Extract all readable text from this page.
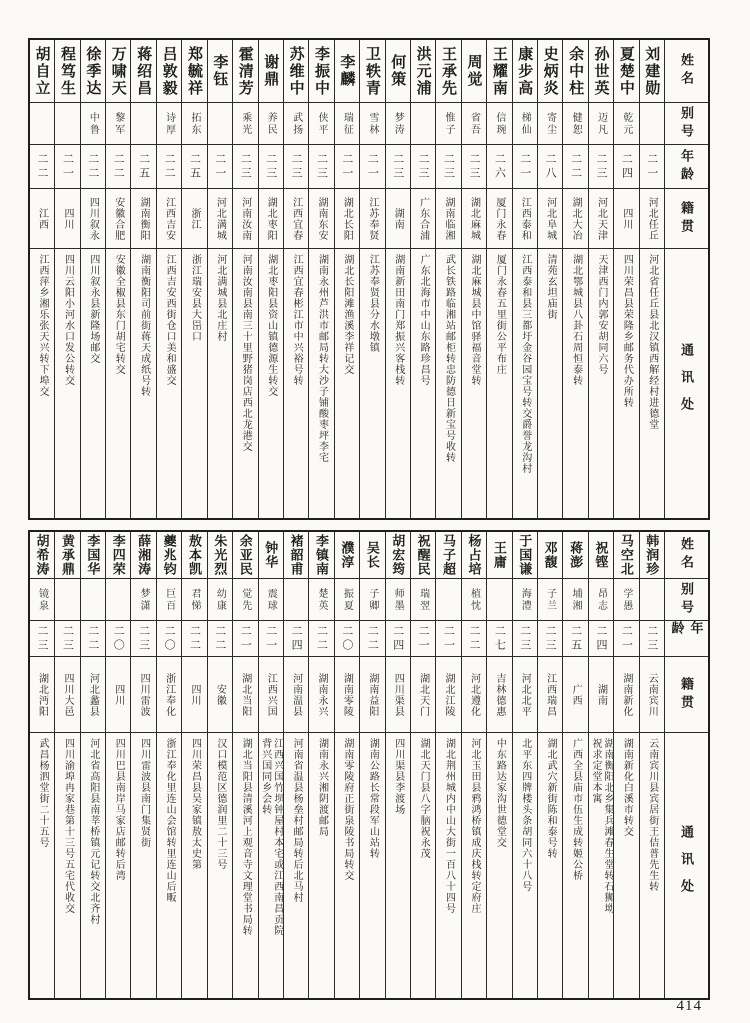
姓名
别号
年龄
籍贯
通讯处
刘建勋
二一
河北任丘
河北省任丘县北汉镇西解经村进德堂
夏楚中
乾元
二四
四川
四川荣昌县荣隆乡邮务代办所转
孙世英
迈凡
二三
河北天津
天津西门内郭安胡同六号
余中柱
健恕
二二
湖北大冶
湖北鄂城县八卦石周恒泰转
史炳炎
寄尘
二八
河北阜城
清苑玄坦庙街
康步高
梯仙
二一
江西泰和
江西泰和县三都圩金谷园宝号转交爵誉龙沟村
王耀南
信琬
二六
厦门永春
厦门永春五里街公平布庄
周觉
省吾
二三
湖北麻城
湖北麻城县中馆驿福音堂转
王承先
惟子
二三
湖南临湘
武长铁路临湘站邮柜转忠防德日新宝号收转
洪元浦
二三
广东合浦
广东北海市中山东路珍昌号
何策
梦涛
二三
湖南
湖南新田南门郑振兴客栈转
卫轶青
雪林
二一
江苏奉贤
江苏奉贤县分水墩镇
李麟
瑞征
二一
湖北长阳
湖北长阳滩渔溪李祥记交
李振中
侠平
二三
湖南东安
湖南永州芦洪市邮局转大沙子铺酸枣坪李宅
苏维中
武扬
二三
江西宜春
江西宜春彬江市中兴裕号转
谢鼎
养民
二三
湖北枣阳
湖北枣阳县资山镇德源生转交
霍清芳
乘光
二三
河南汝南
河南汝南县南三十里野猪岗店西北龙港交
李钰
二一
河北满城
河北满城县北庄村
郑毓祥
拓东
二五
浙江
浙江瑞安县大岊口
吕敦毅
诗厚
二二
江西吉安
江西吉安西街仓口美和盛交
蒋绍昌
二五
湖南衡阳
湖南衡阳司前街蒋天成纸号转
万啸天
黎军
二二
安徽合肥
安徽全椒县东门胡宅转交
徐季达
中鲁
二二
四川叙永
四川叙永县新隆场邮交
程笃生
二一
四川
四川云阳小河水口发公转交
胡自立
二二
江西
江西萍乡湘乐张天兴转下埠交
姓名
别号
年龄
籍贯
通讯处
韩润珍
二三
云南宾川
云南宾川县宾居街王佶普先生转
马空北
学愚
二一
湖南新化
湖南新化白溪市转交
祝铿
昂志
二四
湖南
湖南衡阳北乡集兵滩春生堂转石狮坳
祝求定堂本寓
蒋澎
埔湘
二五
广西
广西全县庙市伍生成转姬公桥
邓馥
子兰
二三
江西瑞昌
湖北武穴新街陈和泰号转
于国谦
海澧
二三
河北北平
北平东四牌楼头条胡同六十八号
王庸
二七
吉林德惠
中东路达家沟世德堂交
杨占培
植忱
二二
河北遵化
河北玉田县鸦鸿桥镇成庆栈转定府庄
马子超
二一
湖北江陵
湖北荆州城内中山大街一百八十四号
祝醒民
瑞翌
二一
湖北天门
湖北天门县八字脑祝永茂
胡宏筠
师墨
二四
四川渠县
四川渠县李渡场
吴长
子卿
二二
湖南益阳
湖南公路长常段军山站转
濮淳
振夏
二〇
湖南零陵
湖南零陵府正街泉陵书局转交
李镇南
楚英
二二
湖南永兴
湖南永兴湘阴渡邮局
褚韶甫
二四
河南温县
河南省温县杨垒村邮局转后北马村
钟华
震球
二一
江西兴国
江西兴国竹坝钟屋村本宅或江西南昌贡院
背兴国同乡会转
余亚民
觉先
二一
湖北当阳
湖北当阳县清溪河上观音寺文理堂书局转
朱光烈
幼康
二二
安徽
汉口模范区德润里二十三号
敖本凯
君悌
二二
四川
四川荣昌县吴家镇敖太史第
夔兆钧
巨百
二〇
浙江奉化
浙江奉化里连山会馆转里连山后畈
薛湘涛
梦潇
二三
四川雷波
四川雷波县南门集贤街
李四荣
二〇
四川
四川巴县南岸马家店邮转后湾
李国华
二二
河北蠡县
河北省高阳县南莘桥镇元记转交北齐村
黄承鼎
二三
四川大邑
四川渝埠冉家巷第十三号五宅代收交
胡希涛
镜泉
二三
湖北沔阳
武昌杨泗堂街二十五号
414
